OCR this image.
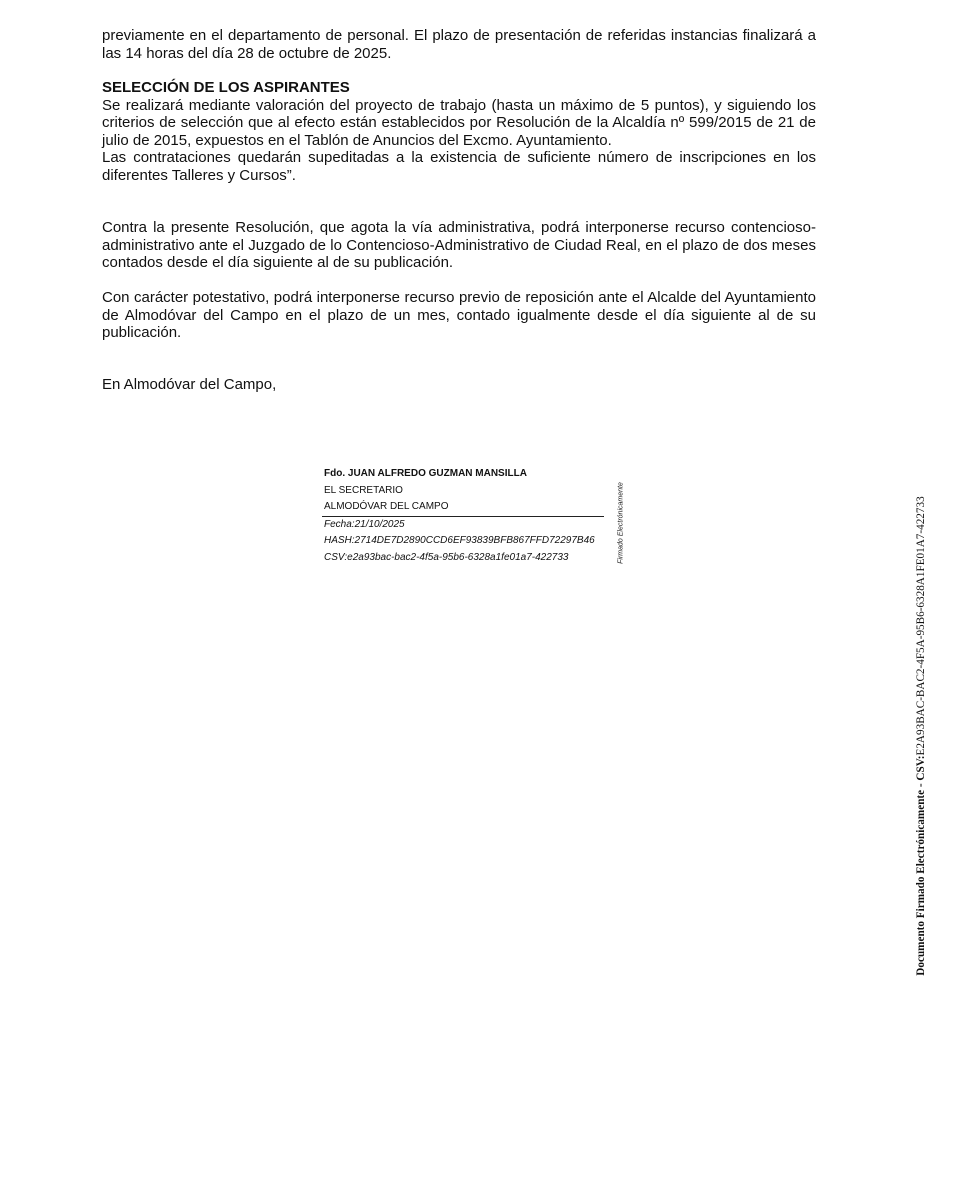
previamente en el departamento de personal. El plazo de presentación de referidas instancias finalizará a las 14 horas del día 28 de octubre de 2025.

SELECCIÓN DE LOS ASPIRANTES
Se realizará mediante valoración del proyecto de trabajo (hasta un máximo de 5 puntos), y siguiendo los criterios de selección que al efecto están establecidos por Resolución de la Alcaldía nº 599/2015 de 21 de julio de 2015, expuestos en el Tablón de Anuncios del Excmo. Ayuntamiento.
Las contrataciones quedarán supeditadas a la existencia de suficiente número de inscripciones en los diferentes Talleres y Cursos”.

Contra la presente Resolución, que agota la vía administrativa, podrá interponerse recurso contencioso-administrativo ante el Juzgado de lo Contencioso-Administrativo de Ciudad Real, en el plazo de dos meses contados desde el día siguiente al de su publicación.

Con carácter potestativo, podrá interponerse recurso previo de reposición ante el Alcalde del Ayuntamiento de Almodóvar del Campo en el plazo de un mes, contado igualmente desde el día siguiente al de su publicación.

En Almodóvar del Campo,

Fdo. JUAN ALFREDO GUZMAN MANSILLA
EL SECRETARIO
ALMODÓVAR DEL CAMPO
Fecha:21/10/2025
HASH:2714DE7D2890CCD6EF93839BFB867FFD72297B46
CSV:e2a93bac-bac2-4f5a-95b6-6328a1fe01a7-422733	Firmado Electrónicamente
Documento Firmado Electrónicamente - CSV:E2A93BAC-BAC2-4F5A-95B6-6328A1FE01A7-422733
